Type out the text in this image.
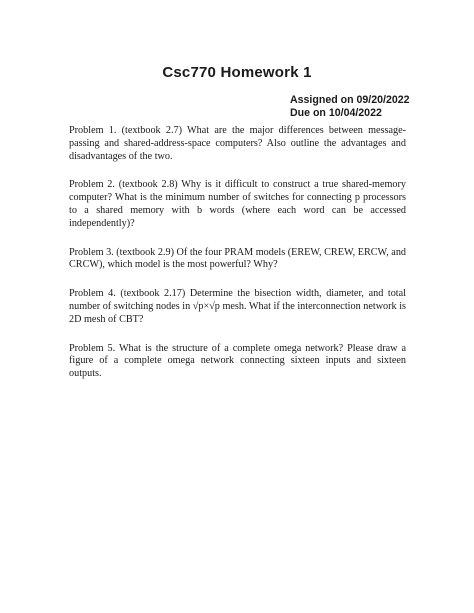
Csc770 Homework 1
Assigned on 09/20/2022
Due on 10/04/2022

Problem 1. (textbook 2.7) What are the major differences between message-passing and shared-address-space computers? Also outline the advantages and disadvantages of the two.

Problem 2. (textbook 2.8) Why is it difficult to construct a true shared-memory computer? What is the minimum number of switches for connecting p processors to a shared memory with b words (where each word can be accessed independently)?

Problem 3. (textbook 2.9) Of the four PRAM models (EREW, CREW, ERCW, and CRCW), which model is the most powerful? Why?

Problem 4. (textbook 2.17) Determine the bisection width, diameter, and total number of switching nodes in √p×√p mesh. What if the interconnection network is 2D mesh of CBT?

Problem 5. What is the structure of a complete omega network? Please draw a figure of a complete omega network connecting sixteen inputs and sixteen outputs.
